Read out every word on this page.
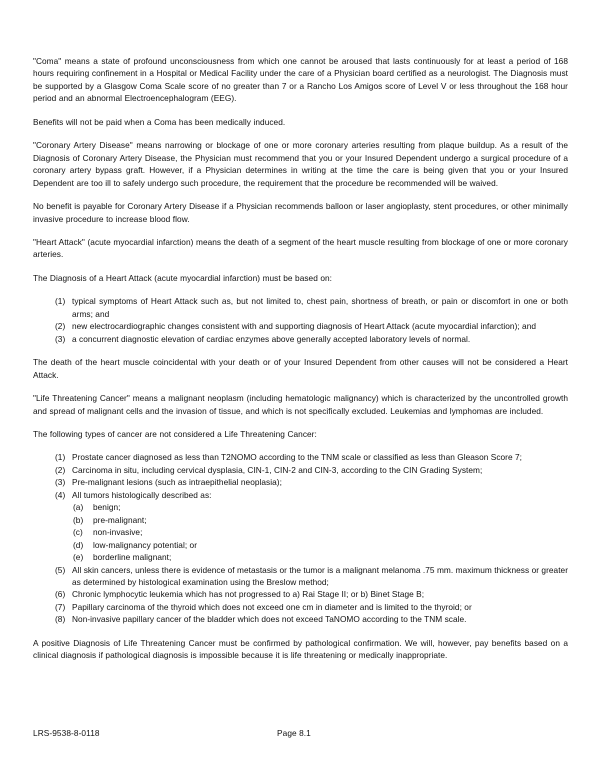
"Coma" means a state of profound unconsciousness from which one cannot be aroused that lasts continuously for at least a period of 168 hours requiring confinement in a Hospital or Medical Facility under the care of a Physician board certified as a neurologist. The Diagnosis must be supported by a Glasgow Coma Scale score of no greater than 7 or a Rancho Los Amigos score of Level V or less throughout the 168 hour period and an abnormal Electroencephalogram (EEG).

Benefits will not be paid when a Coma has been medically induced.

"Coronary Artery Disease" means narrowing or blockage of one or more coronary arteries resulting from plaque buildup. As a result of the Diagnosis of Coronary Artery Disease, the Physician must recommend that you or your Insured Dependent undergo a surgical procedure of a coronary artery bypass graft. However, if a Physician determines in writing at the time the care is being given that you or your Insured Dependent are too ill to safely undergo such procedure, the requirement that the procedure be recommended will be waived.

No benefit is payable for Coronary Artery Disease if a Physician recommends balloon or laser angioplasty, stent procedures, or other minimally invasive procedure to increase blood flow.

"Heart Attack" (acute myocardial infarction) means the death of a segment of the heart muscle resulting from blockage of one or more coronary arteries.

The Diagnosis of a Heart Attack (acute myocardial infarction) must be based on:

(1) typical symptoms of Heart Attack such as, but not limited to, chest pain, shortness of breath, or pain or discomfort in one or both arms; and
(2) new electrocardiographic changes consistent with and supporting diagnosis of Heart Attack (acute myocardial infarction); and
(3) a concurrent diagnostic elevation of cardiac enzymes above generally accepted laboratory levels of normal.

The death of the heart muscle coincidental with your death or of your Insured Dependent from other causes will not be considered a Heart Attack.

"Life Threatening Cancer" means a malignant neoplasm (including hematologic malignancy) which is characterized by the uncontrolled growth and spread of malignant cells and the invasion of tissue, and which is not specifically excluded. Leukemias and lymphomas are included.

The following types of cancer are not considered a Life Threatening Cancer:

(1) Prostate cancer diagnosed as less than T2NOMO according to the TNM scale or classified as less than Gleason Score 7;
(2) Carcinoma in situ, including cervical dysplasia, CIN-1, CIN-2 and CIN-3, according to the CIN Grading System;
(3) Pre-malignant lesions (such as intraepithelial neoplasia);
(4) All tumors histologically described as:
(a)	benign;
(b)	pre-malignant;
(c)	non-invasive;
(d)	low-malignancy potential; or
(e)	borderline malignant;
(5) All skin cancers, unless there is evidence of metastasis or the tumor is a malignant melanoma .75 mm. maximum thickness or greater as determined by histological examination using the Breslow method;
(6) Chronic lymphocytic leukemia which has not progressed to a) Rai Stage II; or b) Binet Stage B;
(7) Papillary carcinoma of the thyroid which does not exceed one cm in diameter and is limited to the thyroid; or
(8) Non-invasive papillary cancer of the bladder which does not exceed TaNOMO according to the TNM scale.

A positive Diagnosis of Life Threatening Cancer must be confirmed by pathological confirmation. We will, however, pay benefits based on a clinical diagnosis if pathological diagnosis is impossible because it is life threatening or medically inappropriate.

LRS-9538-8-0118	Page 8.1
